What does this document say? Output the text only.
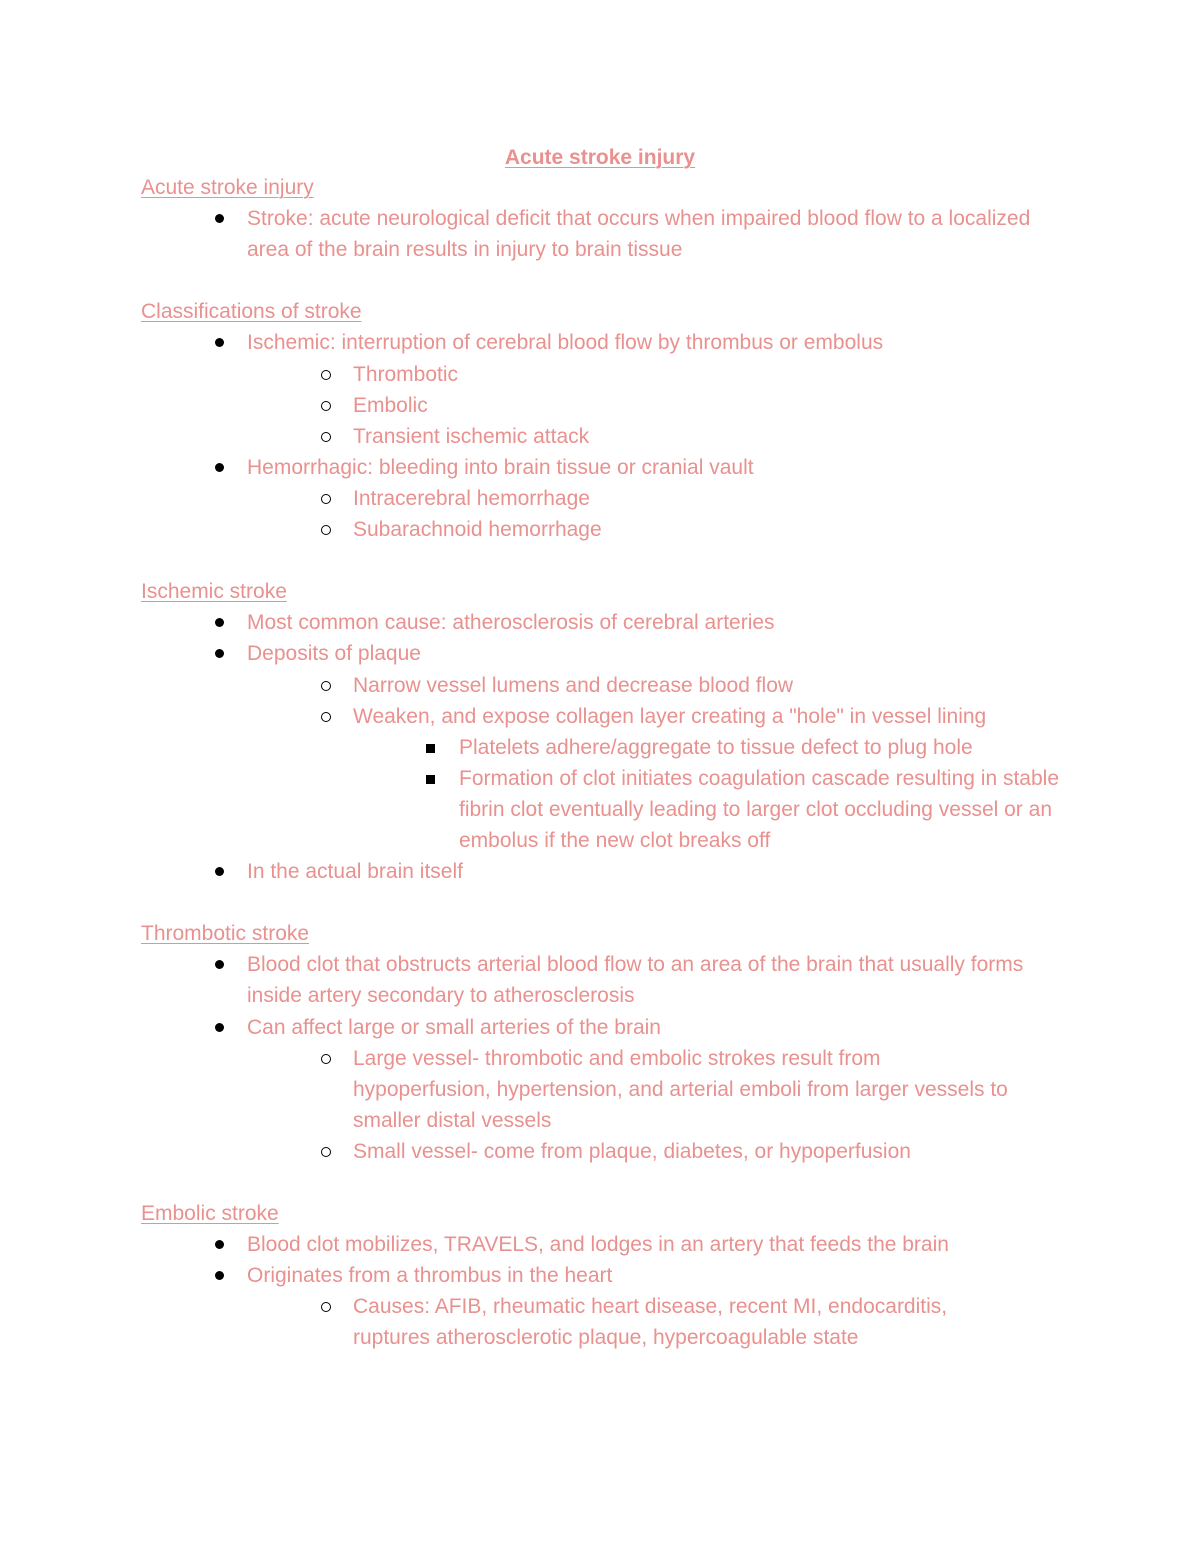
Acute stroke injury
Acute stroke injury
Stroke: acute neurological deficit that occurs when impaired blood flow to a localized area of the brain results in injury to brain tissue
Classifications of stroke
Ischemic: interruption of cerebral blood flow by thrombus or embolus
Thrombotic
Embolic
Transient ischemic attack
Hemorrhagic: bleeding into brain tissue or cranial vault
Intracerebral hemorrhage
Subarachnoid hemorrhage
Ischemic stroke
Most common cause: atherosclerosis of cerebral arteries
Deposits of plaque
Narrow vessel lumens and decrease blood flow
Weaken, and expose collagen layer creating a "hole" in vessel lining
Platelets adhere/aggregate to tissue defect to plug hole
Formation of clot initiates coagulation cascade resulting in stable fibrin clot eventually leading to larger clot occluding vessel or an embolus if the new clot breaks off
In the actual brain itself
Thrombotic stroke
Blood clot that obstructs arterial blood flow to an area of the brain that usually forms inside artery secondary to atherosclerosis
Can affect large or small arteries of the brain
Large vessel- thrombotic and embolic strokes result from hypoperfusion, hypertension, and arterial emboli from larger vessels to smaller distal vessels
Small vessel- come from plaque, diabetes, or hypoperfusion
Embolic stroke
Blood clot mobilizes, TRAVELS, and lodges in an artery that feeds the brain
Originates from a thrombus in the heart
Causes: AFIB, rheumatic heart disease, recent MI, endocarditis, ruptures atherosclerotic plaque, hypercoagulable state
